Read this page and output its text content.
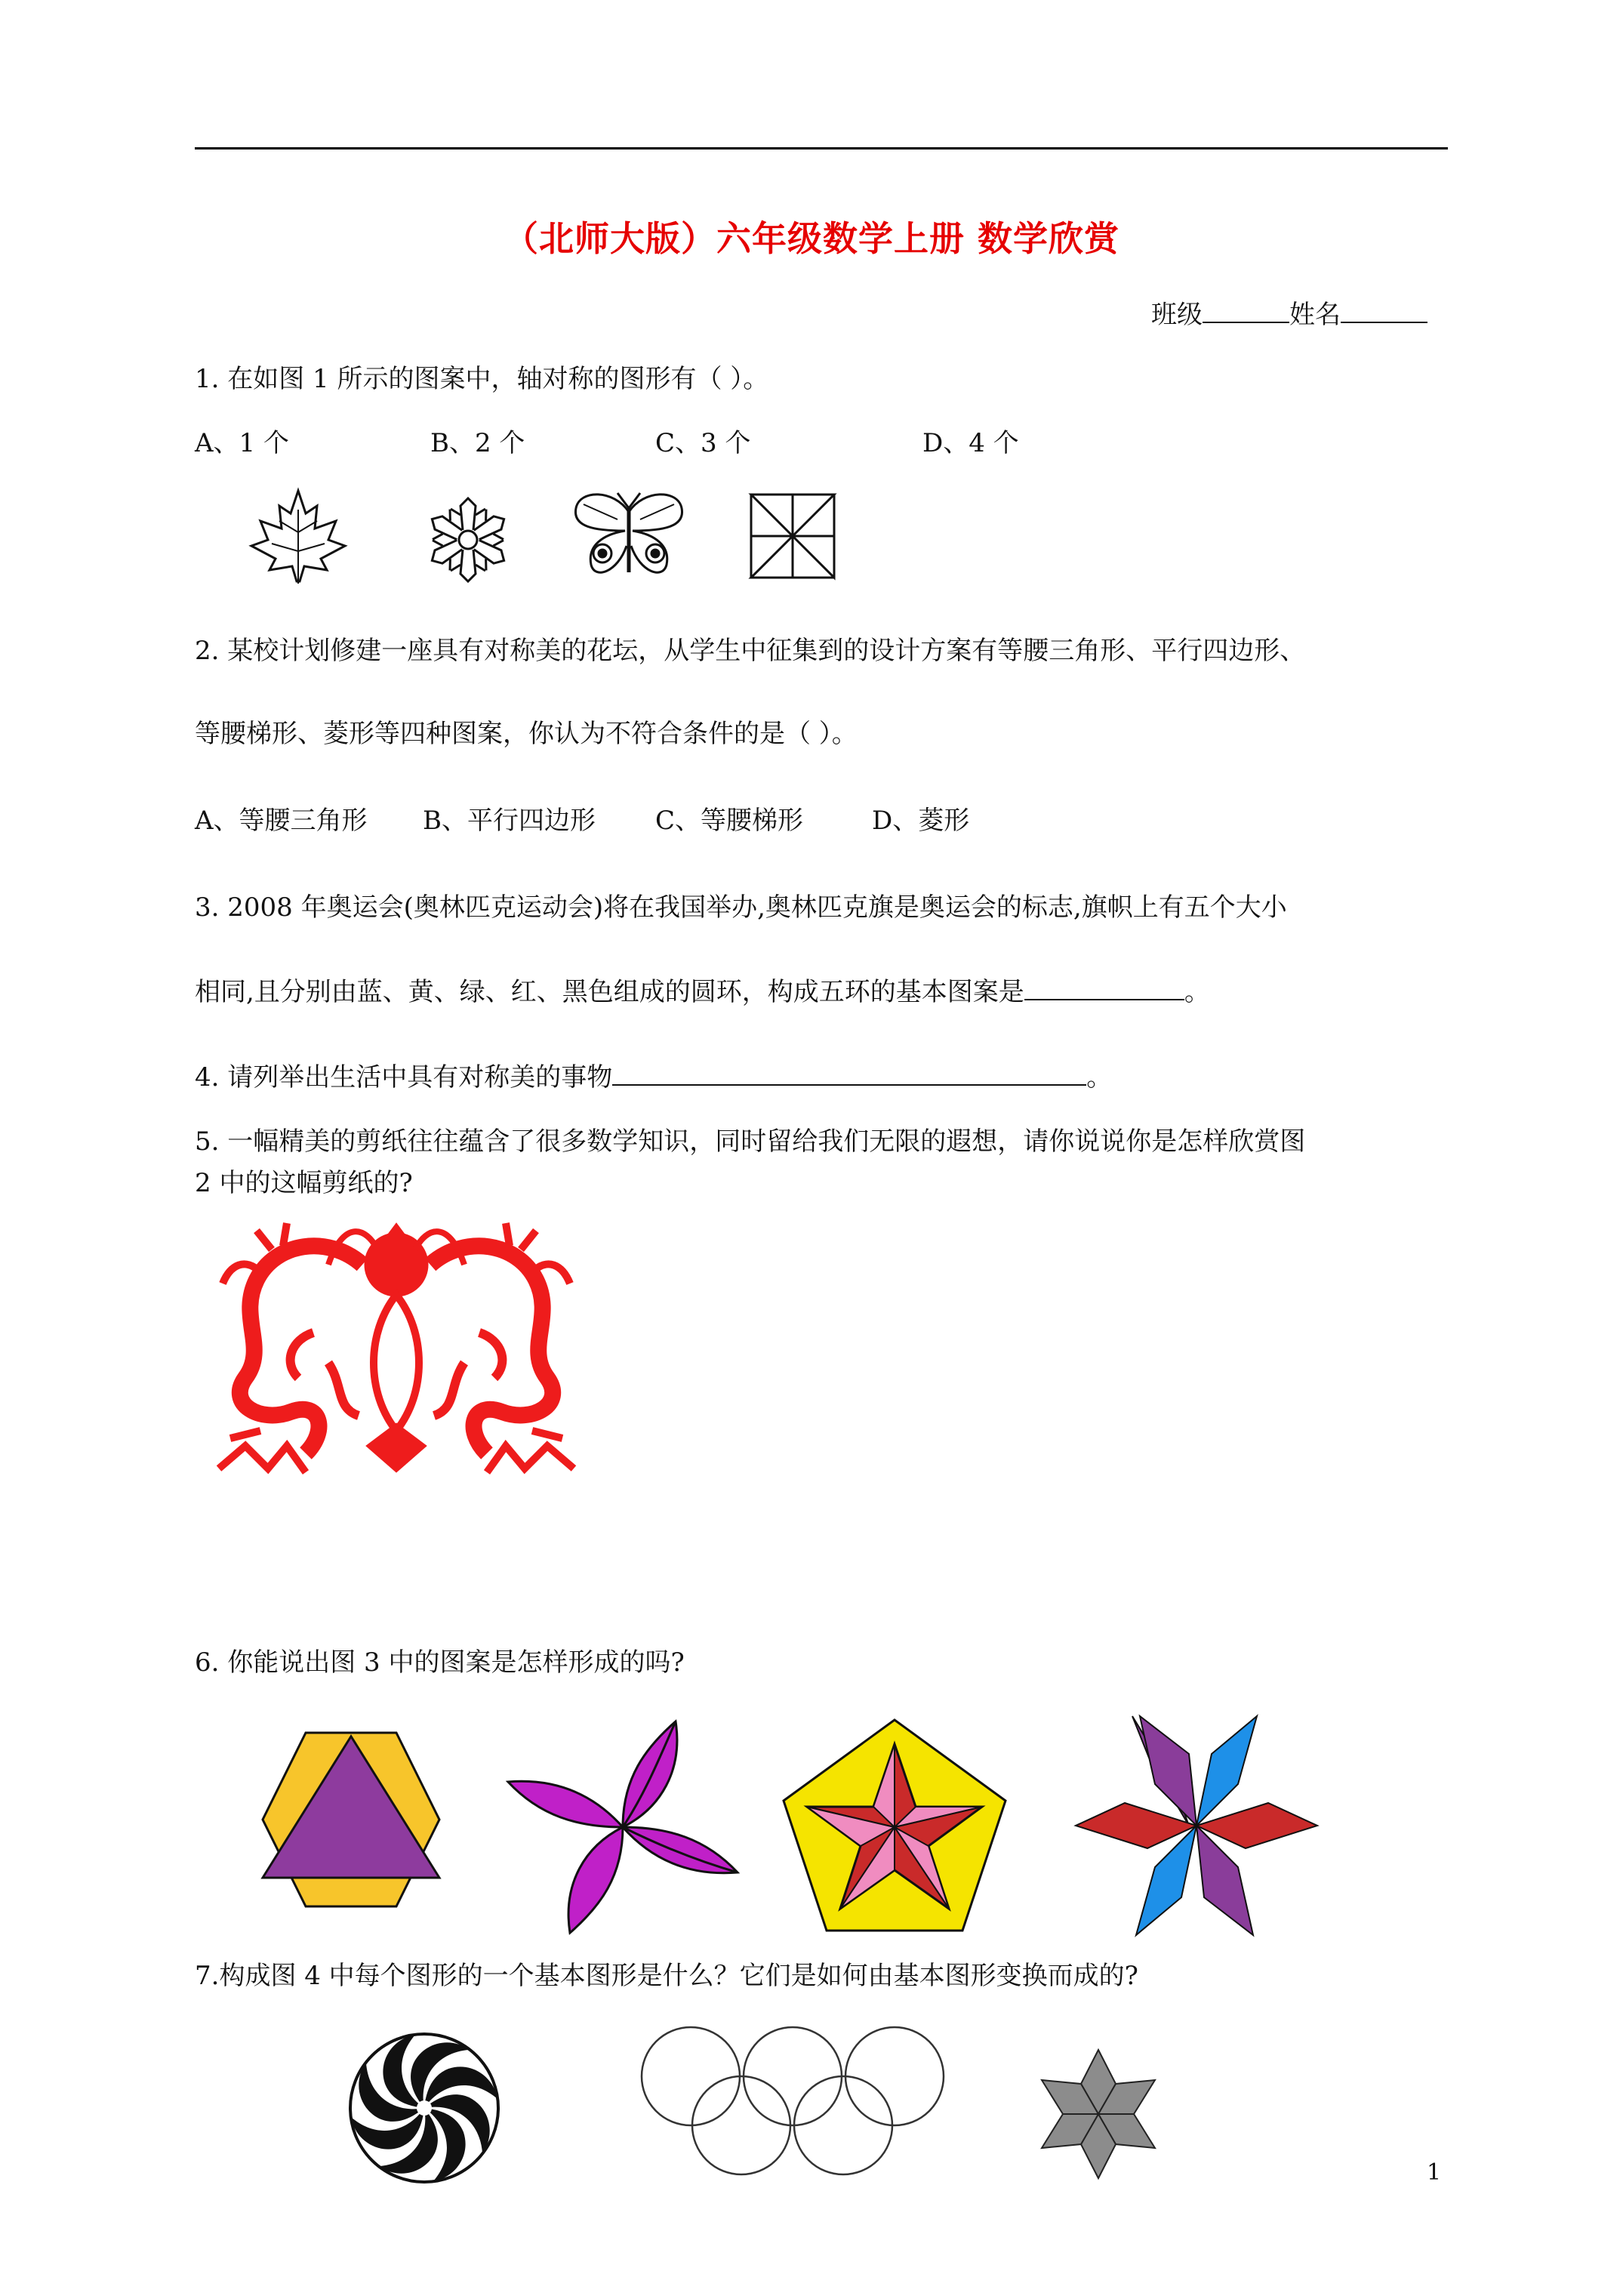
（北师大版）六年级数学上册 数学欣赏
班级	姓名
1. 在如图 1 所示的图案中，轴对称的图形有（ ）。
A、1 个	B、2 个	C、3 个	D、4 个
2. 某校计划修建一座具有对称美的花坛，从学生中征集到的设计方案有等腰三角形、平行四边形、
等腰梯形、菱形等四种图案，你认为不符合条件的是（ ）。
A、等腰三角形 B、平行四边形 C、等腰梯形	D、菱形
3. 2008 年奥运会(奥林匹克运动会)将在我国举办,奥林匹克旗是奥运会的标志,旗帜上有五个大小
相同,且分别由蓝、黄、绿、红、黑色组成的圆环，构成五环的基本图案是	。
4. 请列举出生活中具有对称美的事物	。
5. 一幅精美的剪纸往往蕴含了很多数学知识，同时留给我们无限的遐想，请你说说你是怎样欣赏图
2 中的这幅剪纸的?
6. 你能说出图 3 中的图案是怎样形成的吗?
7.构成图 4 中每个图形的一个基本图形是什么？它们是如何由基本图形变换而成的?
1
